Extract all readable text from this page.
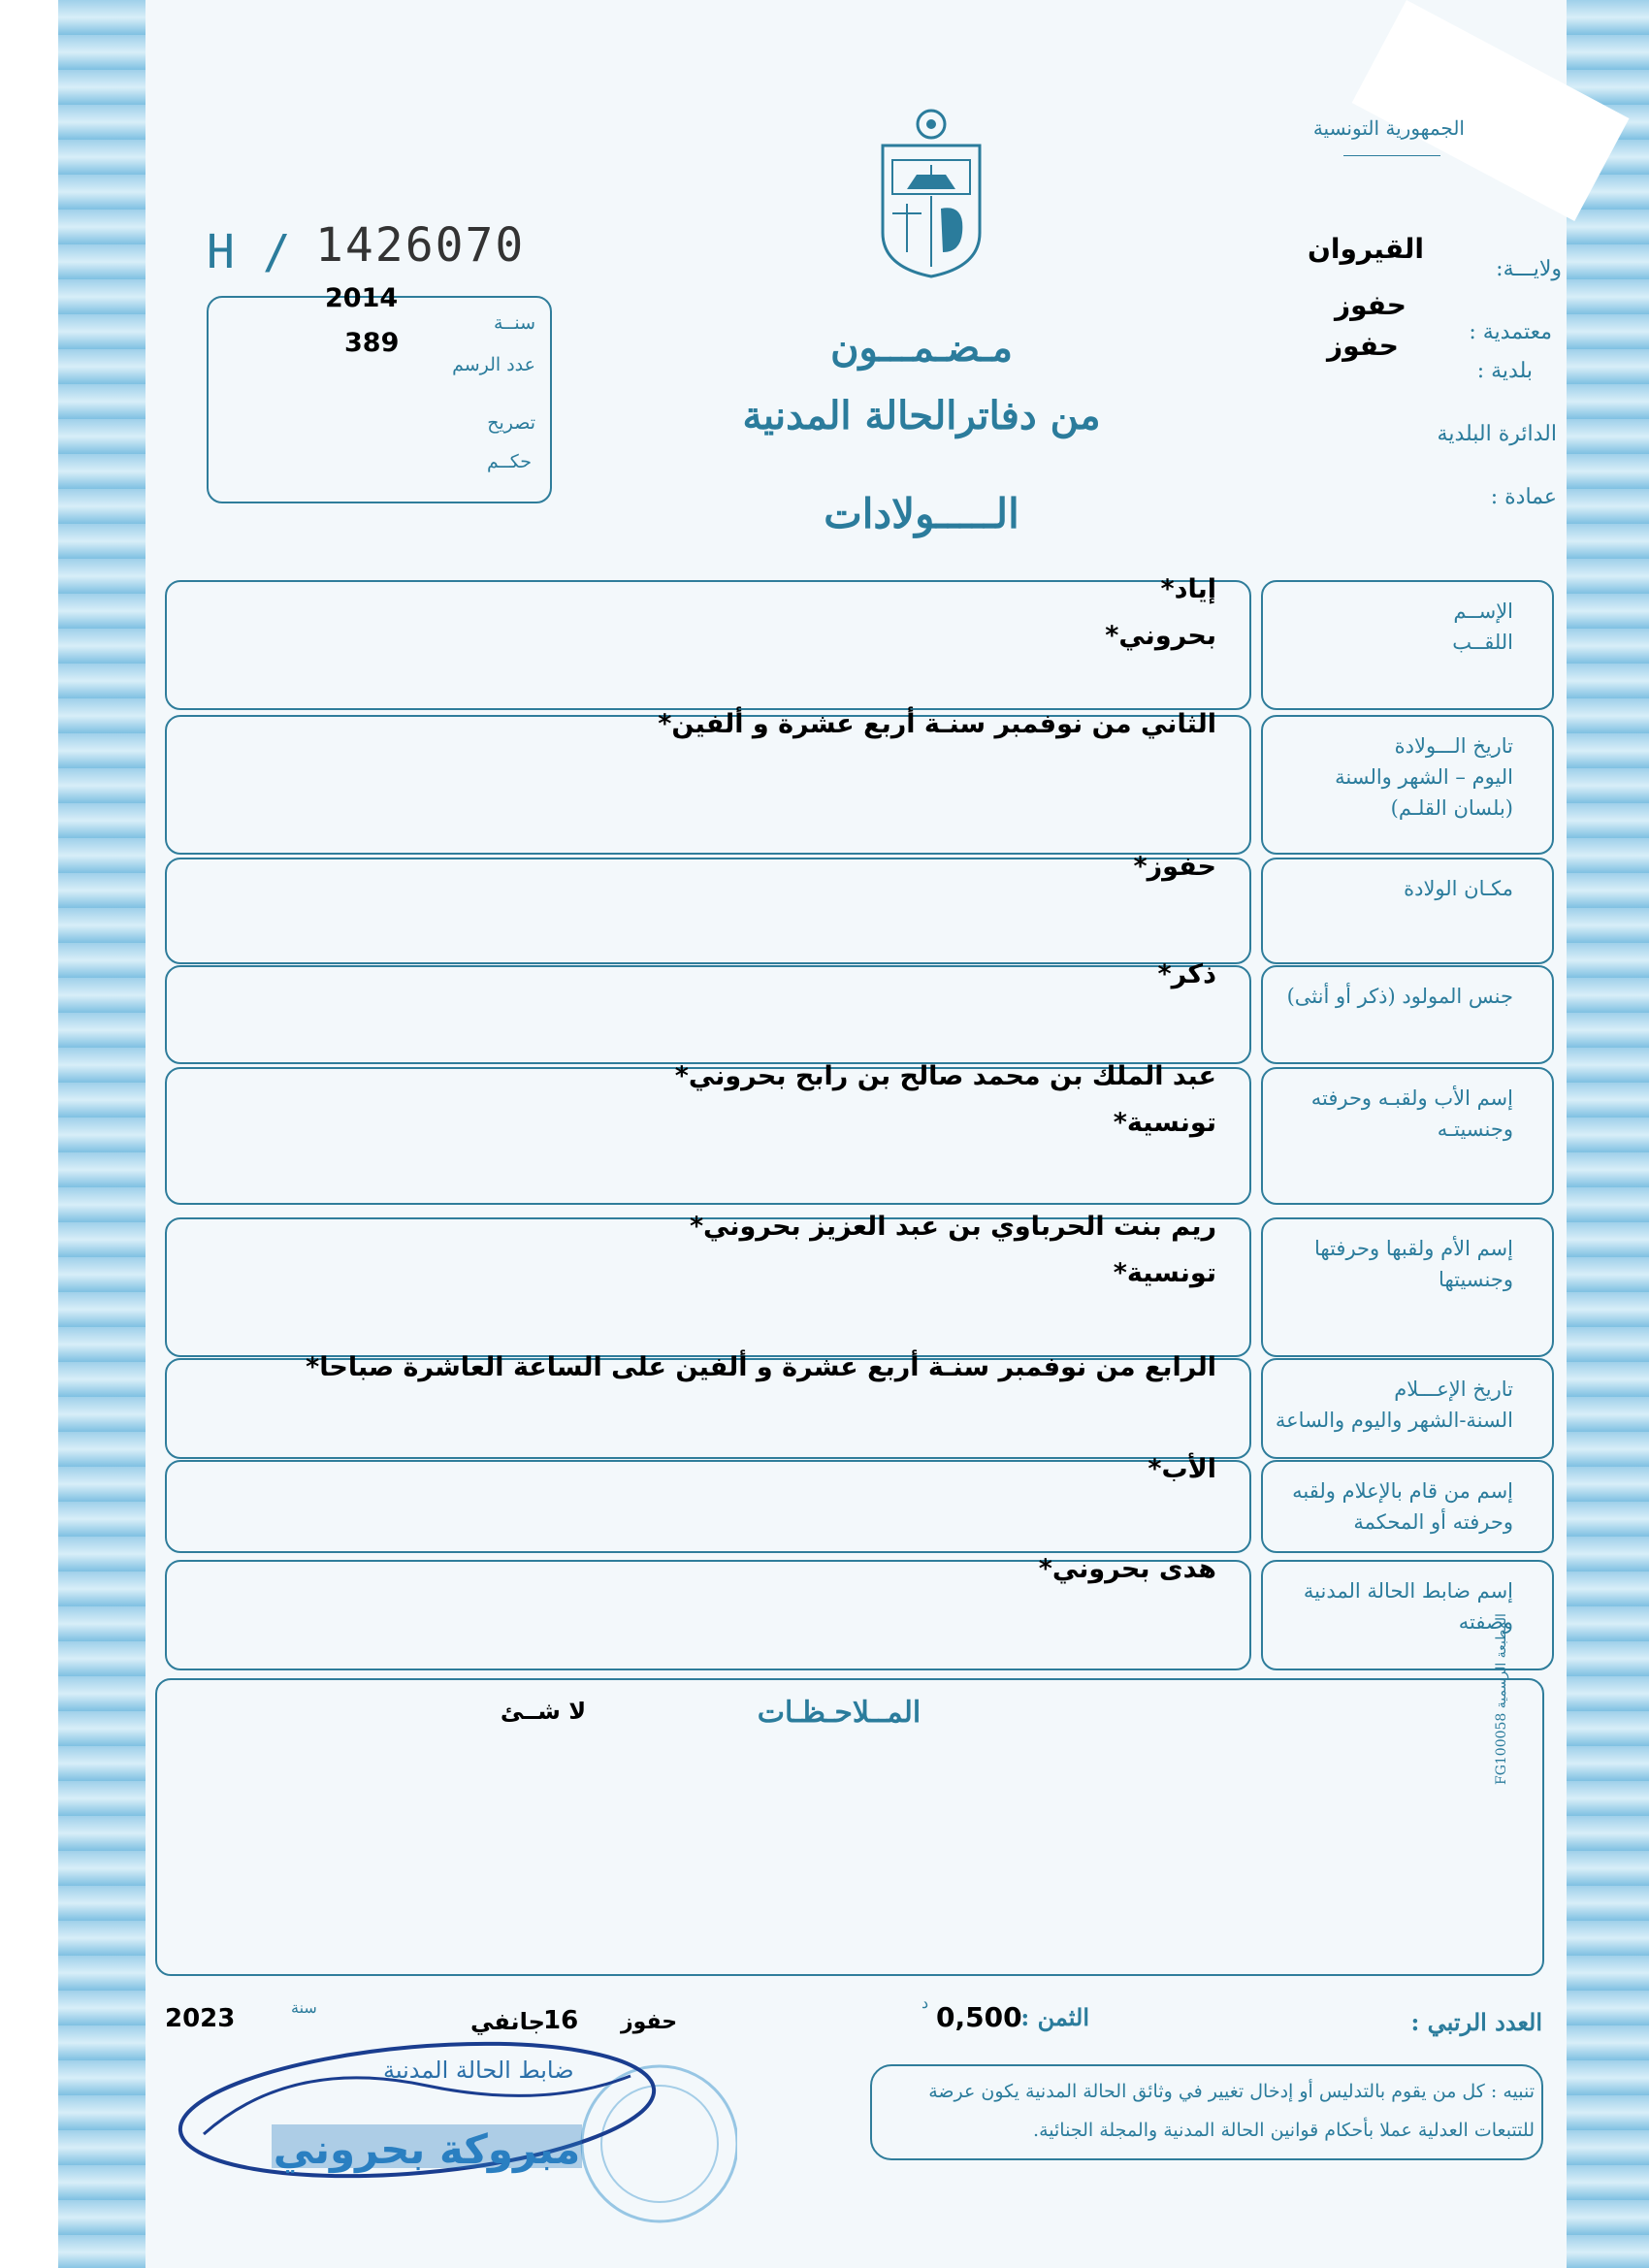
الجمهورية التونسية
ولايـــة:
القيروان
معتمدية :
حفوز
بلدية :
حفوز
الدائرة البلدية
عمادة :
H / 1426070
سنــة
2014
عدد الرسم
389
تصريح
حكــم
مـضـمـــون
من دفاترالحالة المدنية
الـــــولادات
الإســم
اللقــب
إياد*
بحروني*
تاريخ الـــولادة
اليوم – الشهر والسنة
(بلسان القلـم)
الثاني من نوفمبر سنـة أربع عشرة و ألفين*
مكـان الولادة
حفوز*
جنس المولود (ذكر أو أنثى)
ذكر*
إسم الأب ولقبـه وحرفته
وجنسيتـه
عبد الملك بن محمد صالح بن رابح بحروني*
تونسية*
إسم الأم ولقبها وحرفتها
وجنسيتها
ريم بنت الحرباوي بن عبد العزيز بحروني*
تونسية*
تاريخ الإعـــلام
السنة-الشهر واليوم والساعة
الرابع من نوفمبر سنـة أربع عشرة و ألفين على الساعة العاشرة صباحا*
إسم من قام بالإعلام ولقبه
وحرفته أو المحكمة
الأب*
إسم ضابط الحالة المدنية
وصفته
هدى بحروني*
المــلاحـظـات
لا شــئ
المطبعة الرسمية FG100058
العدد الرتبي :
الثمن :
0,500
د
حفوز
16
جانفي
سنة
2023
ضابط الحالة المدنية
تنبيه : كل من يقوم بالتدليس أو إدخال تغيير في وثائق الحالة المدنية يكون عرضة
للتتبعات العدلية عملا بأحكام قوانين الحالة المدنية والمجلة الجنائية.
مبروكة بحروني
